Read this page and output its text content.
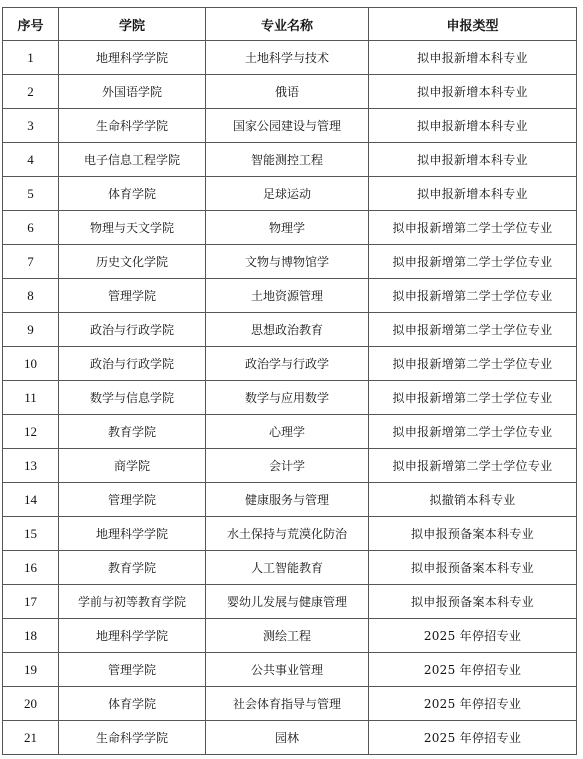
序号	学院	专业名称	申报类型
1	地理科学学院	土地科学与技术	拟申报新增本科专业
2	外国语学院	俄语	拟申报新增本科专业
3	生命科学学院	国家公园建设与管理	拟申报新增本科专业
4	电子信息工程学院	智能测控工程	拟申报新增本科专业
5	体育学院	足球运动	拟申报新增本科专业
6	物理与天文学院	物理学	拟申报新增第二学士学位专业
7	历史文化学院	文物与博物馆学	拟申报新增第二学士学位专业
8	管理学院	土地资源管理	拟申报新增第二学士学位专业
9	政治与行政学院	思想政治教育	拟申报新增第二学士学位专业
10	政治与行政学院	政治学与行政学	拟申报新增第二学士学位专业
11	数学与信息学院	数学与应用数学	拟申报新增第二学士学位专业
12	教育学院	心理学	拟申报新增第二学士学位专业
13	商学院	会计学	拟申报新增第二学士学位专业
14	管理学院	健康服务与管理	拟撤销本科专业
15	地理科学学院	水土保持与荒漠化防治	拟申报预备案本科专业
16	教育学院	人工智能教育	拟申报预备案本科专业
17	学前与初等教育学院	婴幼儿发展与健康管理	拟申报预备案本科专业
18	地理科学学院	测绘工程	2025 年停招专业
19	管理学院	公共事业管理	2025 年停招专业
20	体育学院	社会体育指导与管理	2025 年停招专业
21	生命科学学院	园林	2025 年停招专业
